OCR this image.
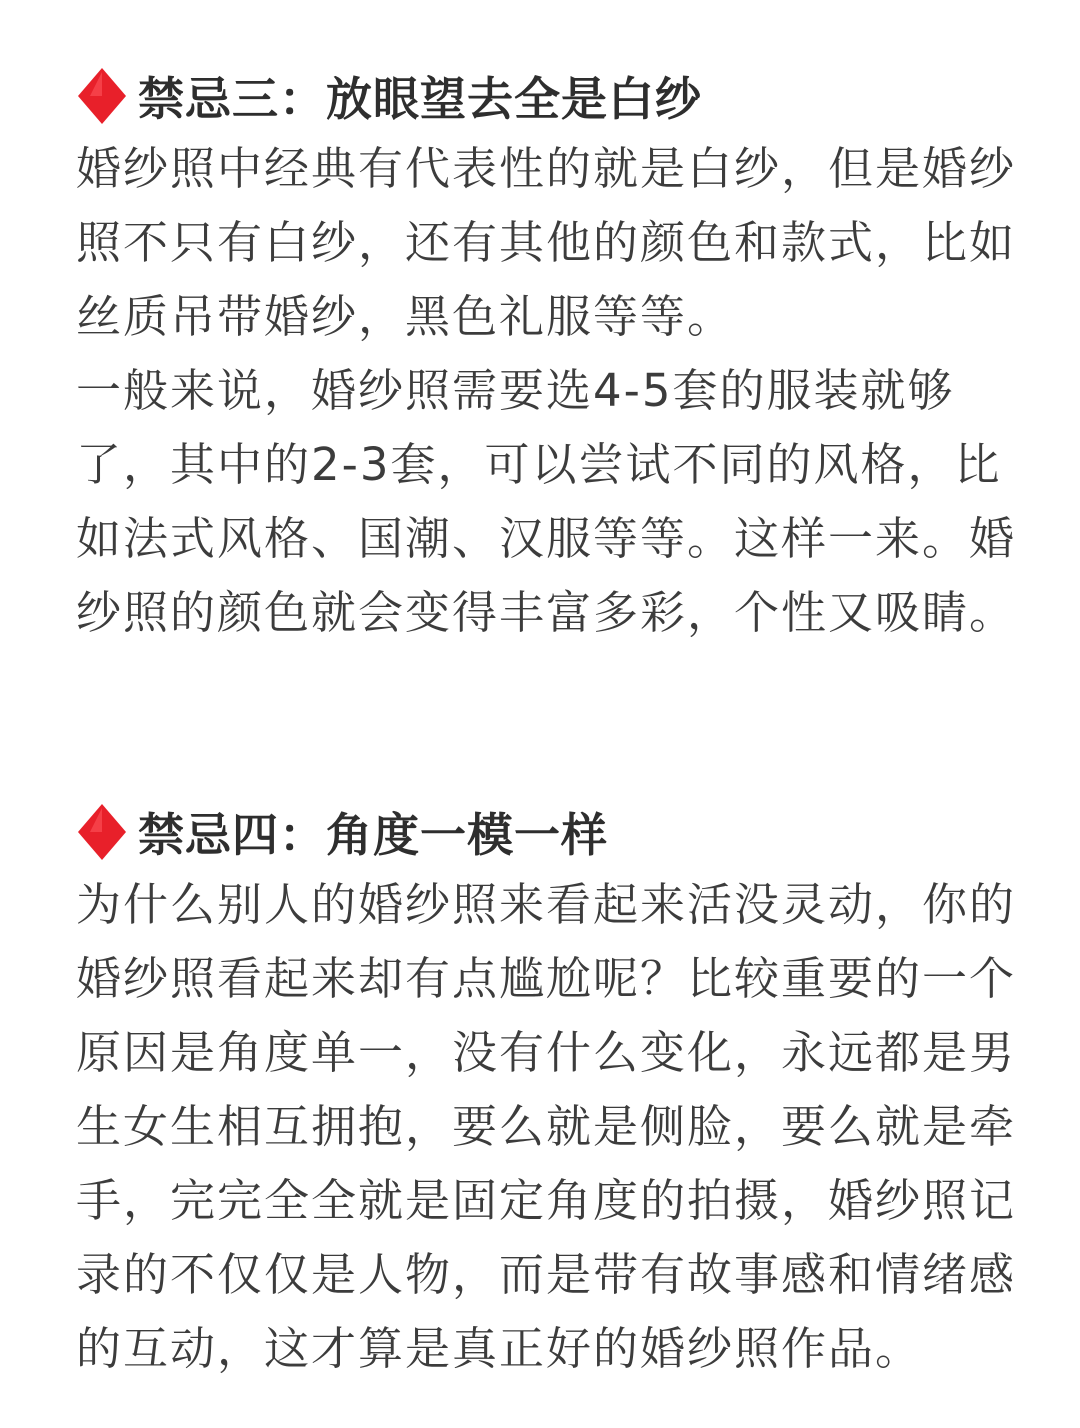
禁忌三：放眼望去全是白纱

婚纱照中经典有代表性的就是白纱，但是婚纱照不只有白纱，还有其他的颜色和款式，比如丝质吊带婚纱，黑色礼服等等。

一般来说，婚纱照需要选4-5套的服装就够了，其中的2-3套，可以尝试不同的风格，比如法式风格、国潮、汉服等等。这样一来。婚纱照的颜色就会变得丰富多彩，个性又吸睛。

禁忌四：角度一模一样

为什么别人的婚纱照来看起来活没灵动，你的婚纱照看起来却有点尴尬呢？比较重要的一个原因是角度单一，没有什么变化，永远都是男生女生相互拥抱，要么就是侧脸，要么就是牵手，完完全全就是固定角度的拍摄，婚纱照记录的不仅仅是人物，而是带有故事感和情绪感的互动，这才算是真正好的婚纱照作品。
